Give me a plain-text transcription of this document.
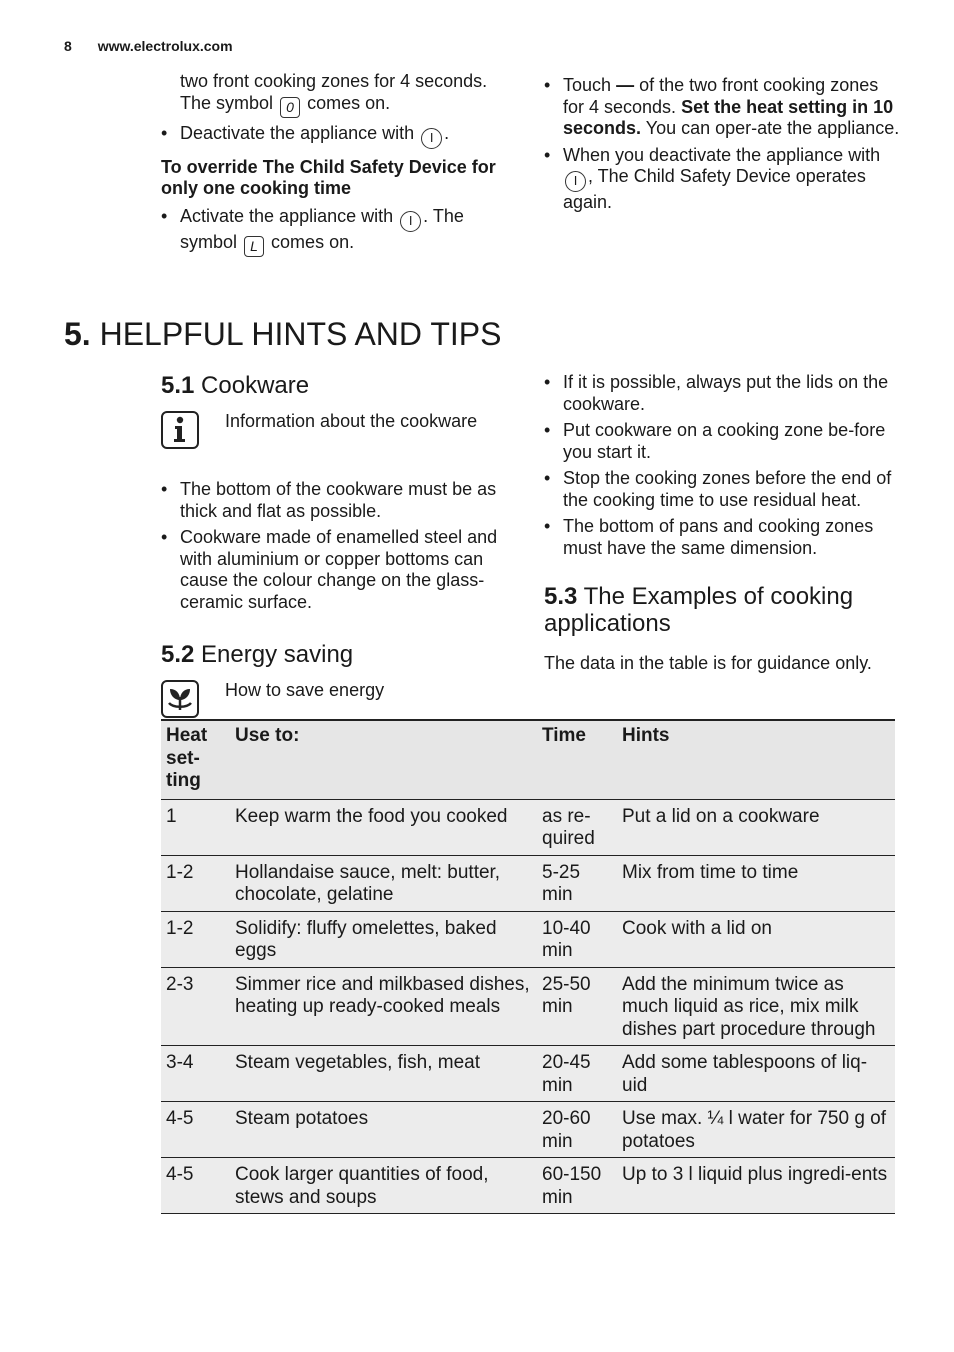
8 www.electrolux.com
two front cooking zones for 4 seconds.
The symbol 0 comes on.
• Deactivate the appliance with I .
To override The Child Safety Device for only one cooking time
• Activate the appliance with I . The symbol L comes on.
• Touch — of the two front cooking zones for 4 seconds. Set the heat setting in 10 seconds. You can oper-ate the appliance.
• When you deactivate the appliance with
I , The Child Safety Device operates again.
5. HELPFUL HINTS AND TIPS
5.1 Cookware
Information about the cookware
• The bottom of the cookware must be as thick and flat as possible.
• Cookware made of enamelled steel and with aluminium or copper bottoms can cause the colour change on the glass-ceramic surface.
5.2 Energy saving
How to save energy
• If it is possible, always put the lids on the cookware.
• Put cookware on a cooking zone be-fore you start it.
• Stop the cooking zones before the end of the cooking time to use residual heat.
• The bottom of pans and cooking zones must have the same dimension.
5.3 The Examples of cooking applications
The data in the table is for guidance only.
Heat set-ting	Use to:	Time	Hints
1	Keep warm the food you cooked	as re-quired	Put a lid on a cookware
1-2	Hollandaise sauce, melt: butter, chocolate, gelatine	5-25 min	Mix from time to time
1-2	Solidify: fluffy omelettes, baked eggs	10-40 min	Cook with a lid on
2-3	Simmer rice and milkbased dishes, heating up ready-cooked meals	25-50 min	Add the minimum twice as much liquid as rice, mix milk dishes part procedure through
3-4	Steam vegetables, fish, meat	20-45 min	Add some tablespoons of liq-uid
4-5	Steam potatoes	20-60 min	Use max. ¼ l water for 750 g of potatoes
4-5	Cook larger quantities of food, stews and soups	60-150 min	Up to 3 l liquid plus ingredi-ents
